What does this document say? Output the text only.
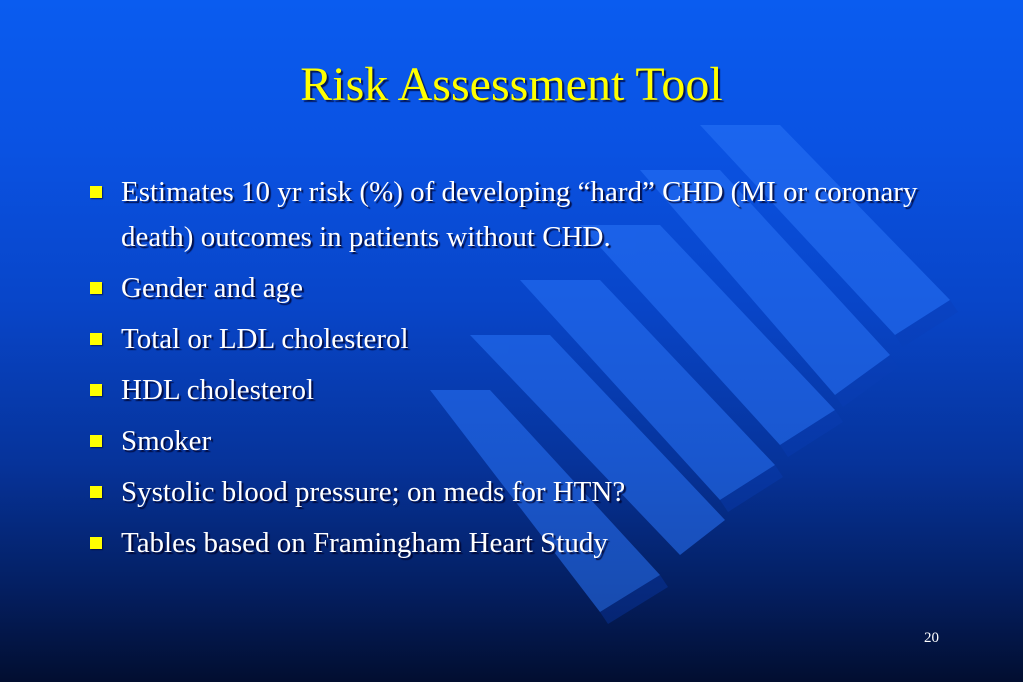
Risk Assessment Tool
Estimates 10 yr risk (%) of developing “hard” CHD (MI or coronary death) outcomes in patients without CHD.
Gender and age
Total or LDL cholesterol
HDL cholesterol
Smoker
Systolic blood pressure; on meds for HTN?
Tables based on Framingham Heart Study
20
